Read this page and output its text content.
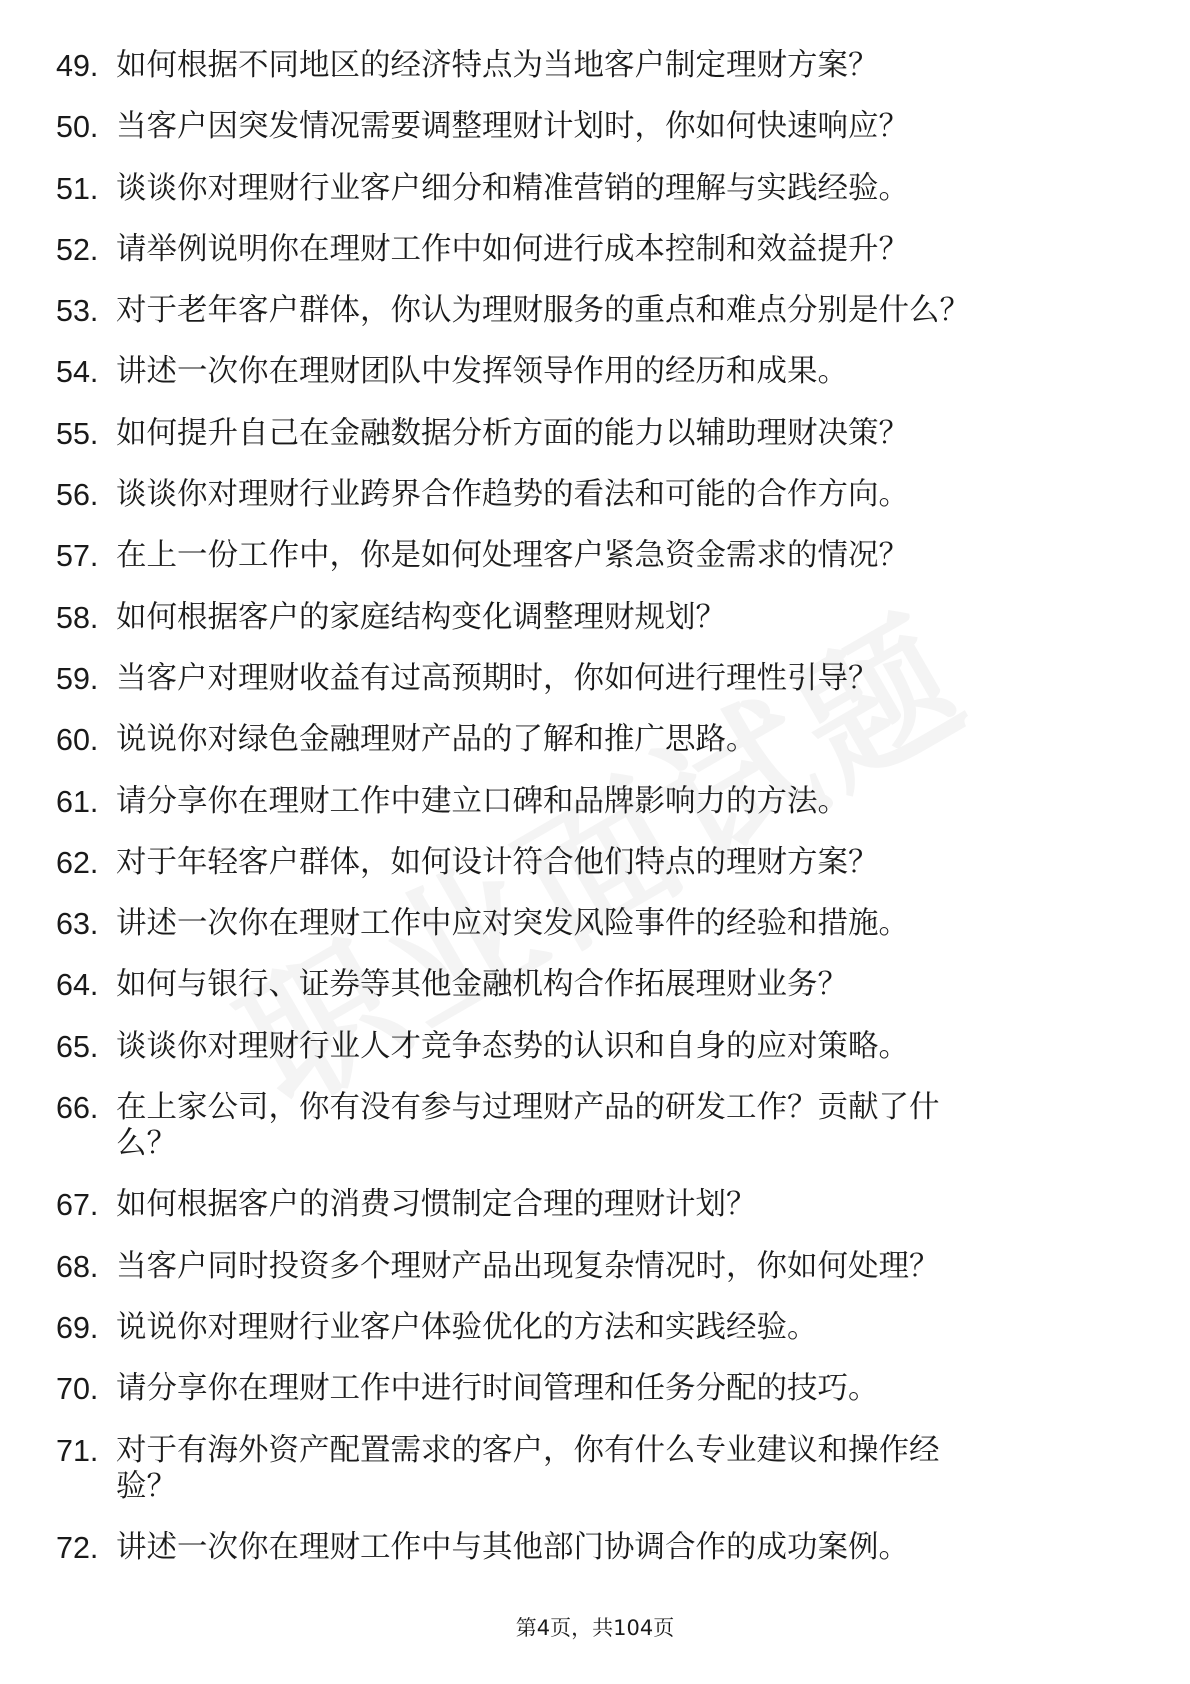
49. 如何根据不同地区的经济特点为当地客户制定理财方案？
50. 当客户因突发情况需要调整理财计划时，你如何快速响应？
51. 谈谈你对理财行业客户细分和精准营销的理解与实践经验。
52. 请举例说明你在理财工作中如何进行成本控制和效益提升？
53. 对于老年客户群体，你认为理财服务的重点和难点分别是什么？
54. 讲述一次你在理财团队中发挥领导作用的经历和成果。
55. 如何提升自己在金融数据分析方面的能力以辅助理财决策？
56. 谈谈你对理财行业跨界合作趋势的看法和可能的合作方向。
57. 在上一份工作中，你是如何处理客户紧急资金需求的情况？
58. 如何根据客户的家庭结构变化调整理财规划？
59. 当客户对理财收益有过高预期时，你如何进行理性引导？
60. 说说你对绿色金融理财产品的了解和推广思路。
61. 请分享你在理财工作中建立口碑和品牌影响力的方法。
62. 对于年轻客户群体，如何设计符合他们特点的理财方案？
63. 讲述一次你在理财工作中应对突发风险事件的经验和措施。
64. 如何与银行、证券等其他金融机构合作拓展理财业务？
65. 谈谈你对理财行业人才竞争态势的认识和自身的应对策略。
66. 在上家公司，你有没有参与过理财产品的研发工作？贡献了什么？
67. 如何根据客户的消费习惯制定合理的理财计划？
68. 当客户同时投资多个理财产品出现复杂情况时，你如何处理？
69. 说说你对理财行业客户体验优化的方法和实践经验。
70. 请分享你在理财工作中进行时间管理和任务分配的技巧。
71. 对于有海外资产配置需求的客户，你有什么专业建议和操作经验？
72. 讲述一次你在理财工作中与其他部门协调合作的成功案例。
第4页，共104页
